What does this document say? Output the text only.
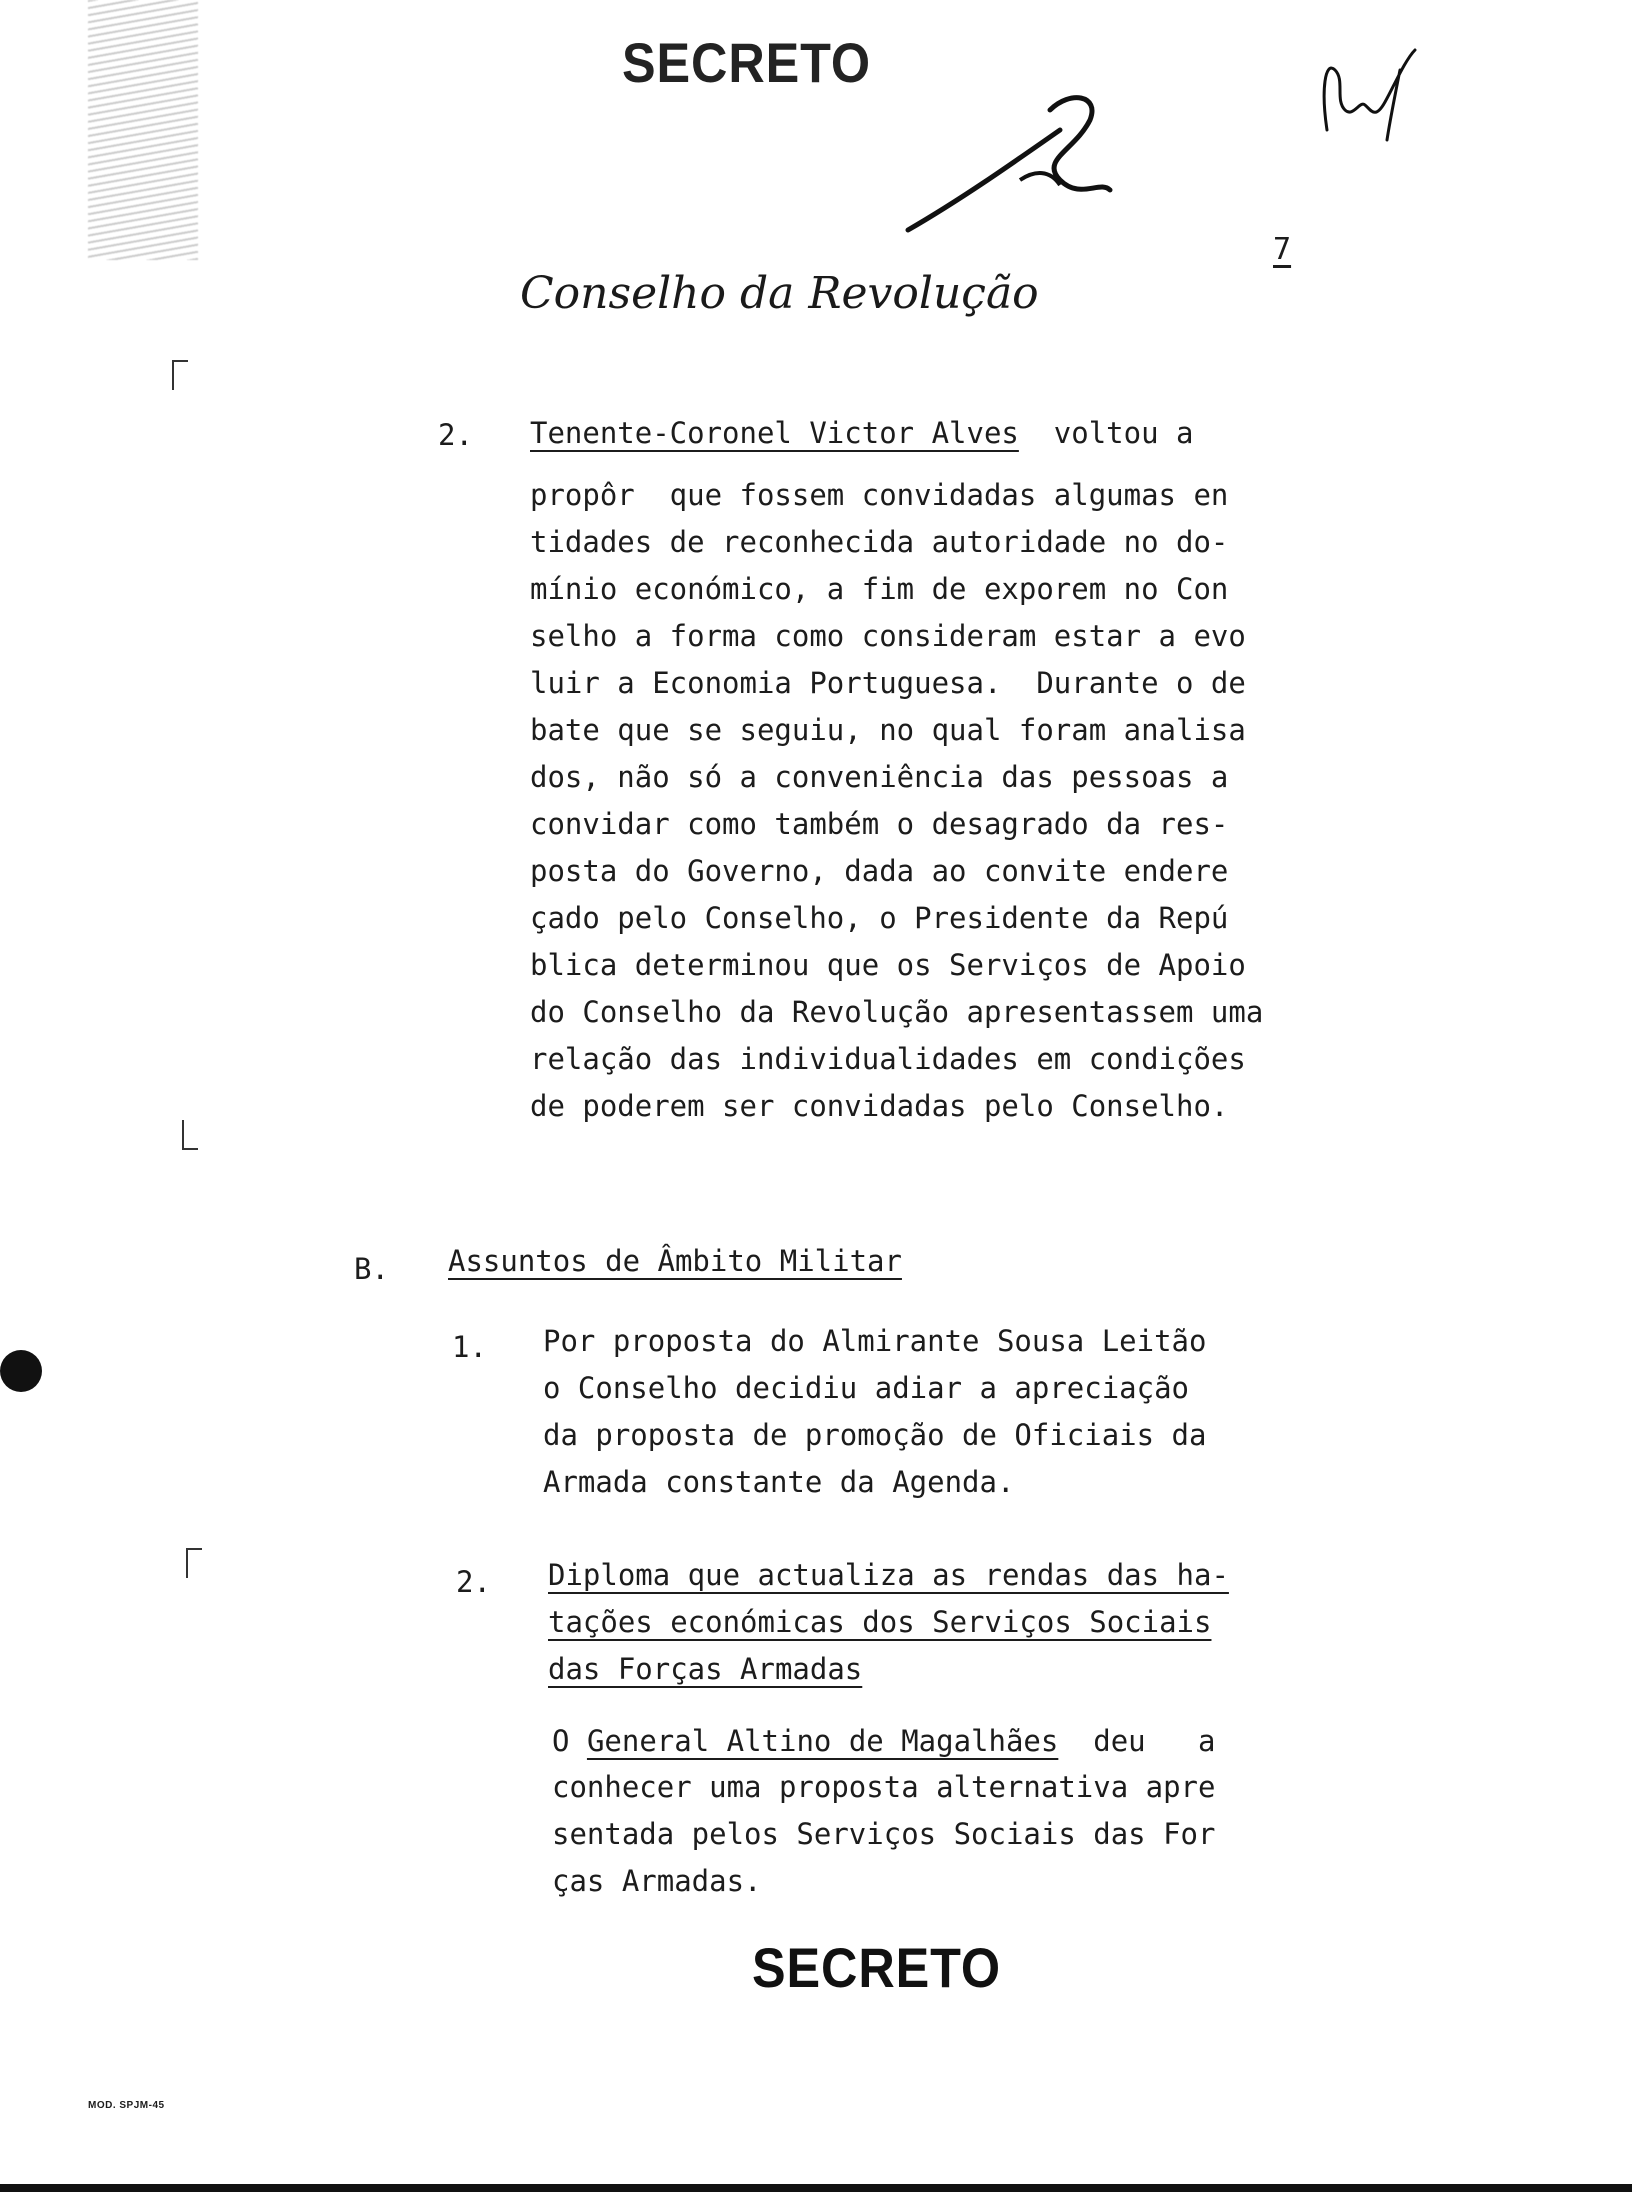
SECRETO
7
Conselho da Revolução
2. Tenente-Coronel Victor Alves voltou a
propôr  que fossem convidadas algumas en
tidades de reconhecida autoridade no do-
mínio económico, a fim de exporem no Con
selho a forma como consideram estar a evo
luir a Economia Portuguesa.  Durante o de
bate que se seguiu, no qual foram analisa
dos, não só a conveniência das pessoas a
convidar como também o desagrado da res-
posta do Governo, dada ao convite endere
çado pelo Conselho, o Presidente da Repú
blica determinou que os Serviços de Apoio
do Conselho da Revolução apresentassem uma
relação das individualidades em condições
de poderem ser convidadas pelo Conselho.
B. Assuntos de Âmbito Militar
1. Por proposta do Almirante Sousa Leitão
o Conselho decidiu adiar a apreciação
da proposta de promoção de Oficiais da
Armada constante da Agenda.
2. Diploma que actualiza as rendas das ha-
tações económicas dos Serviços Sociais
das Forças Armadas
O General Altino de Magalhães deu   a
conhecer uma proposta alternativa apre
sentada pelos Serviços Sociais das For
ças Armadas.
SECRETO
MOD. SPJM-45
